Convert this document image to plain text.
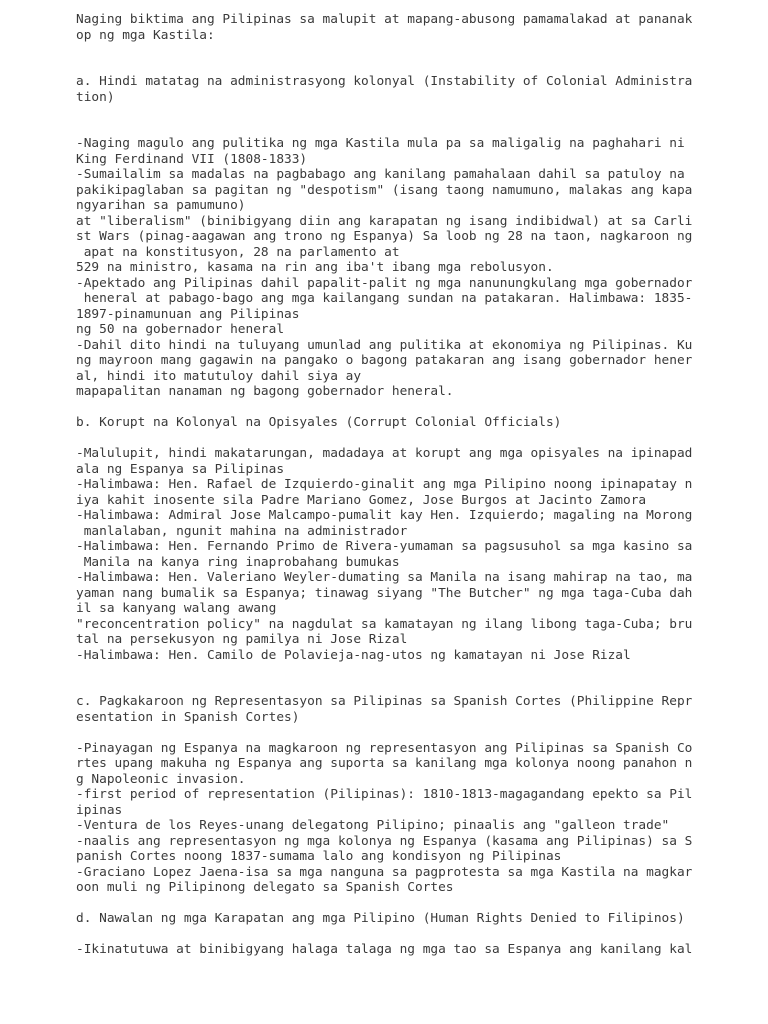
Naging biktima ang Pilipinas sa malupit at mapang-abusong pamamalakad at pananak
op ng mga Kastila:
a. Hindi matatag na administrasyong kolonyal (Instability of Colonial Administra
tion)
-Naging magulo ang pulitika ng mga Kastila mula pa sa maligalig na paghahari ni
King Ferdinand VII (1808-1833)
-Sumailalim sa madalas na pagbabago ang kanilang pamahalaan dahil sa patuloy na
pakikipaglaban sa pagitan ng "despotism" (isang taong namumuno, malakas ang kapa
ngyarihan sa pamumuno)
at "liberalism" (binibigyang diin ang karapatan ng isang indibidwal) at sa Carli
st Wars (pinag-aagawan ang trono ng Espanya) Sa loob ng 28 na taon, nagkaroon ng
apat na konstitusyon, 28 na parlamento at
529 na ministro, kasama na rin ang iba't ibang mga rebolusyon.
-Apektado ang Pilipinas dahil papalit-palit ng mga nanunungkulang mga gobernador
heneral at pabago-bago ang mga kailangang sundan na patakaran. Halimbawa: 1835-
1897-pinamunuan ang Pilipinas
ng 50 na gobernador heneral
-Dahil dito hindi na tuluyang umunlad ang pulitika at ekonomiya ng Pilipinas. Ku
ng mayroon mang gagawin na pangako o bagong patakaran ang isang gobernador hener
al, hindi ito matutuloy dahil siya ay
mapapalitan nanaman ng bagong gobernador heneral.
b. Korupt na Kolonyal na Opisyales (Corrupt Colonial Officials)
-Malulupit, hindi makatarungan, madadaya at korupt ang mga opisyales na ipinapad
ala ng Espanya sa Pilipinas
-Halimbawa: Hen. Rafael de Izquierdo-ginalit ang mga Pilipino noong ipinapatay n
iya kahit inosente sila Padre Mariano Gomez, Jose Burgos at Jacinto Zamora
-Halimbawa: Admiral Jose Malcampo-pumalit kay Hen. Izquierdo; magaling na Morong
manlalaban, ngunit mahina na administrador
-Halimbawa: Hen. Fernando Primo de Rivera-yumaman sa pagsusuhol sa mga kasino sa
Manila na kanya ring inaprobahang bumukas
-Halimbawa: Hen. Valeriano Weyler-dumating sa Manila na isang mahirap na tao, ma
yaman nang bumalik sa Espanya; tinawag siyang "The Butcher" ng mga taga-Cuba dah
il sa kanyang walang awang
"reconcentration policy" na nagdulat sa kamatayan ng ilang libong taga-Cuba; bru
tal na persekusyon ng pamilya ni Jose Rizal
-Halimbawa: Hen. Camilo de Polavieja-nag-utos ng kamatayan ni Jose Rizal
c. Pagkakaroon ng Representasyon sa Pilipinas sa Spanish Cortes (Philippine Repr
esentation in Spanish Cortes)
-Pinayagan ng Espanya na magkaroon ng representasyon ang Pilipinas sa Spanish Co
rtes upang makuha ng Espanya ang suporta sa kanilang mga kolonya noong panahon n
g Napoleonic invasion.
-first period of representation (Pilipinas): 1810-1813-magagandang epekto sa Pil
ipinas
-Ventura de los Reyes-unang delegatong Pilipino; pinaalis ang "galleon trade"
-naalis ang representasyon ng mga kolonya ng Espanya (kasama ang Pilipinas) sa S
panish Cortes noong 1837-sumama lalo ang kondisyon ng Pilipinas
-Graciano Lopez Jaena-isa sa mga nanguna sa pagprotesta sa mga Kastila na magkar
oon muli ng Pilipinong delegato sa Spanish Cortes
d. Nawalan ng mga Karapatan ang mga Pilipino (Human Rights Denied to Filipinos)
-Ikinatutuwa at binibigyang halaga talaga ng mga tao sa Espanya ang kanilang kal
